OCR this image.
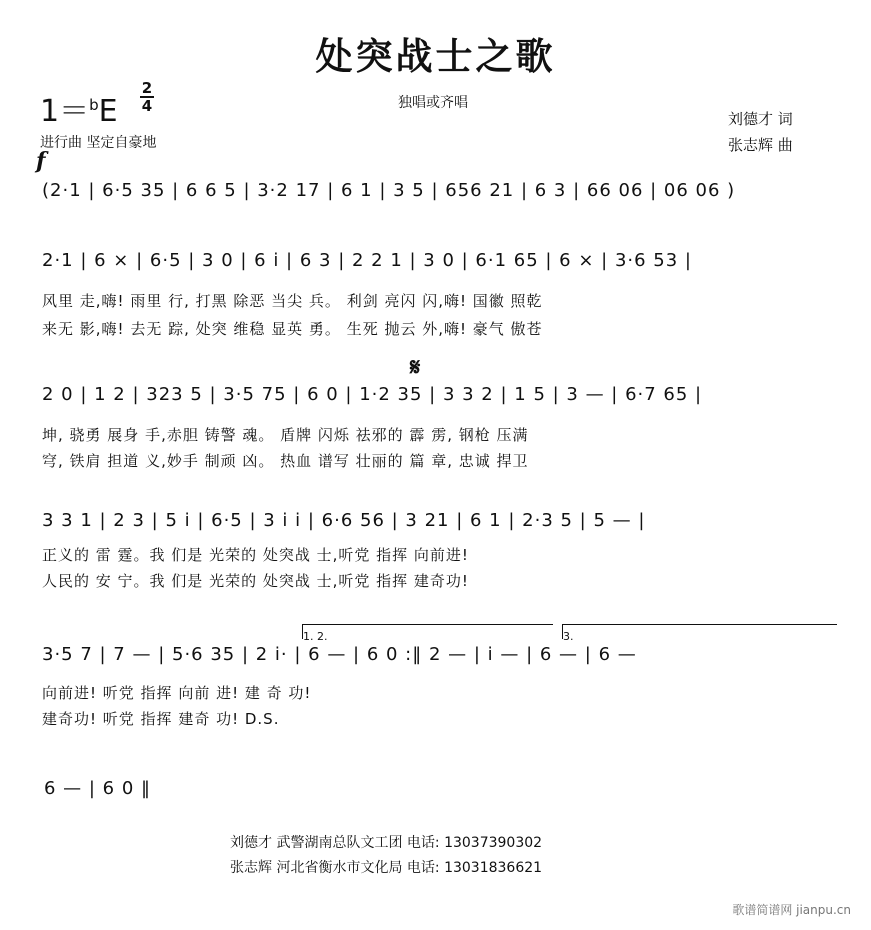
处突战士之歌
1＝$^b$E
2
4	独唱或齐唱
刘德才 词
进行曲 坚定自豪地	张志辉 曲
f
(2·1 | 6·5 35 | 6 6 5 | 3·2 17 | 6 1 | 3 5 | 656 21 | 6 3 | 66 06 | 06 06 )
2·1 | 6 × | 6·5 | 3 0 | 6 i | 6 3 | 2 2 1 | 3 0 | 6·1 65 | 6 × | 3·6 53 |
风里 走,嗨! 雨里 行, 打黑 除恶 当尖 兵。 利剑 亮闪 闪,嗨! 国徽 照乾
来无 影,嗨! 去无 踪, 处突 维稳 显英 勇。 生死 抛云 外,嗨! 豪气 傲苍
𝄋
2 0 | 1 2 | 323 5 | 3·5 75 | 6 0 | 1·2 35 | 3 3 2 | 1 5 | 3 — | 6·7 65 |
坤, 骁勇 展身 手,赤胆 铸警 魂。 盾牌 闪烁 祛邪的 霹 雳, 钢枪 压满
穹, 铁肩 担道 义,妙手 制顽 凶。 热血 谱写 壮丽的 篇 章, 忠诚 捍卫
3 3 1 | 2 3 | 5 i | 6·5 | 3 i i | 6·6 56 | 3 21 | 6 1 | 2·3 5 | 5 — |
正义的 雷 霆。我 们是 光荣的 处突战 士,听党 指挥 向前进!
人民的 安 宁。我 们是 光荣的 处突战 士,听党 指挥 建奇功!
1. 2.	3.
3·5 7 | 7 — | 5·6 35 | 2 i· | 6 — | 6 0 :‖ 2 — | i — | 6 — | 6 —
向前进! 听党 指挥 向前 进! 建 奇 功!
建奇功! 听党 指挥 建奇 功! D.S.
6 — | 6 0 ‖
刘德才 武警湖南总队文工团 电话: 13037390302
张志辉 河北省衡水市文化局 电话: 13031836621
歌谱简谱网 jianpu.cn
